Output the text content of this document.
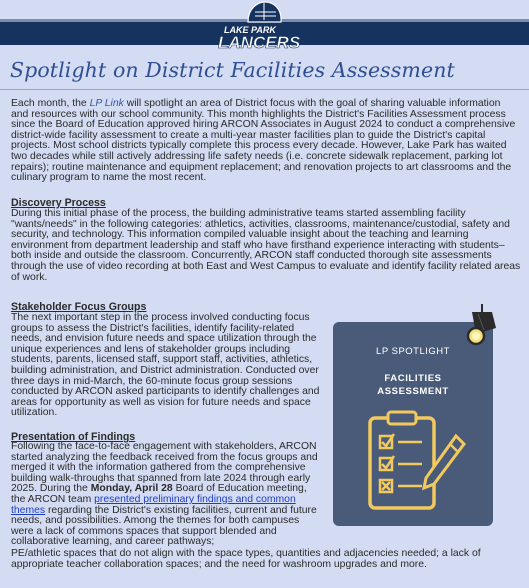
LAKE PARK
LANCERS
Spotlight on District Facilities Assessment

Each month, the LP Link will spotlight an area of District focus with the goal of sharing valuable information and resources with our school community. This month highlights the District's Facilities Assessment process since the Board of Education approved hiring ARCON Associates in August 2024 to conduct a comprehensive district-wide facility assessment to create a multi-year master facilities plan to guide the District's capital projects. Most school districts typically complete this process every decade. However, Lake Park has waited two decades while still actively addressing life safety needs (i.e. concrete sidewalk replacement, parking lot repairs); routine maintenance and equipment replacement; and renovation projects to art classrooms and the culinary program to name the most recent.

Discovery Process

During this initial phase of the process, the building administrative teams started assembling facility "wants/needs" in the following categories: athletics, activities, classrooms, maintenance/custodial, safety and security, and technology. This information compiled valuable insight about the teaching and learning environment from department leadership and staff who have firsthand experience interacting with students–both inside and outside the classroom. Concurrently, ARCON staff conducted thorough site assessments through the use of video recording at both East and West Campus to evaluate and identify facility related areas of work.

Stakeholder Focus Groups

The next important step in the process involved conducting focus groups to assess the District's facilities, identify facility-related needs, and envision future needs and space utilization through the unique experiences and lens of stakeholder groups including students, parents, licensed staff, support staff, activities, athletics, building administration, and District administration. Conducted over three days in mid-March, the 60-minute focus group sessions conducted by ARCON asked participants to identify challenges and areas for opportunity as well as vision for future needs and space utilization.

Presentation of Findings

Following the face-to-face engagement with stakeholders, ARCON started analyzing the feedback received from the focus groups and merged it with the information gathered from the comprehensive building walk-throughs that spanned from late 2024 through early 2025. During the Monday, April 28 Board of Education meeting, the ARCON team presented preliminary findings and common themes regarding the District's existing facilities, current and future needs, and possibilities. Among the themes for both campuses were a lack of commons spaces that support blended and collaborative learning, and career pathways;

PE/athletic spaces that do not align with the space types, quantities and adjacencies needed; a lack of appropriate teacher collaboration spaces; and the need for washroom upgrades and more.

LP SPOTLIGHT
FACILITIES
ASSESSMENT
